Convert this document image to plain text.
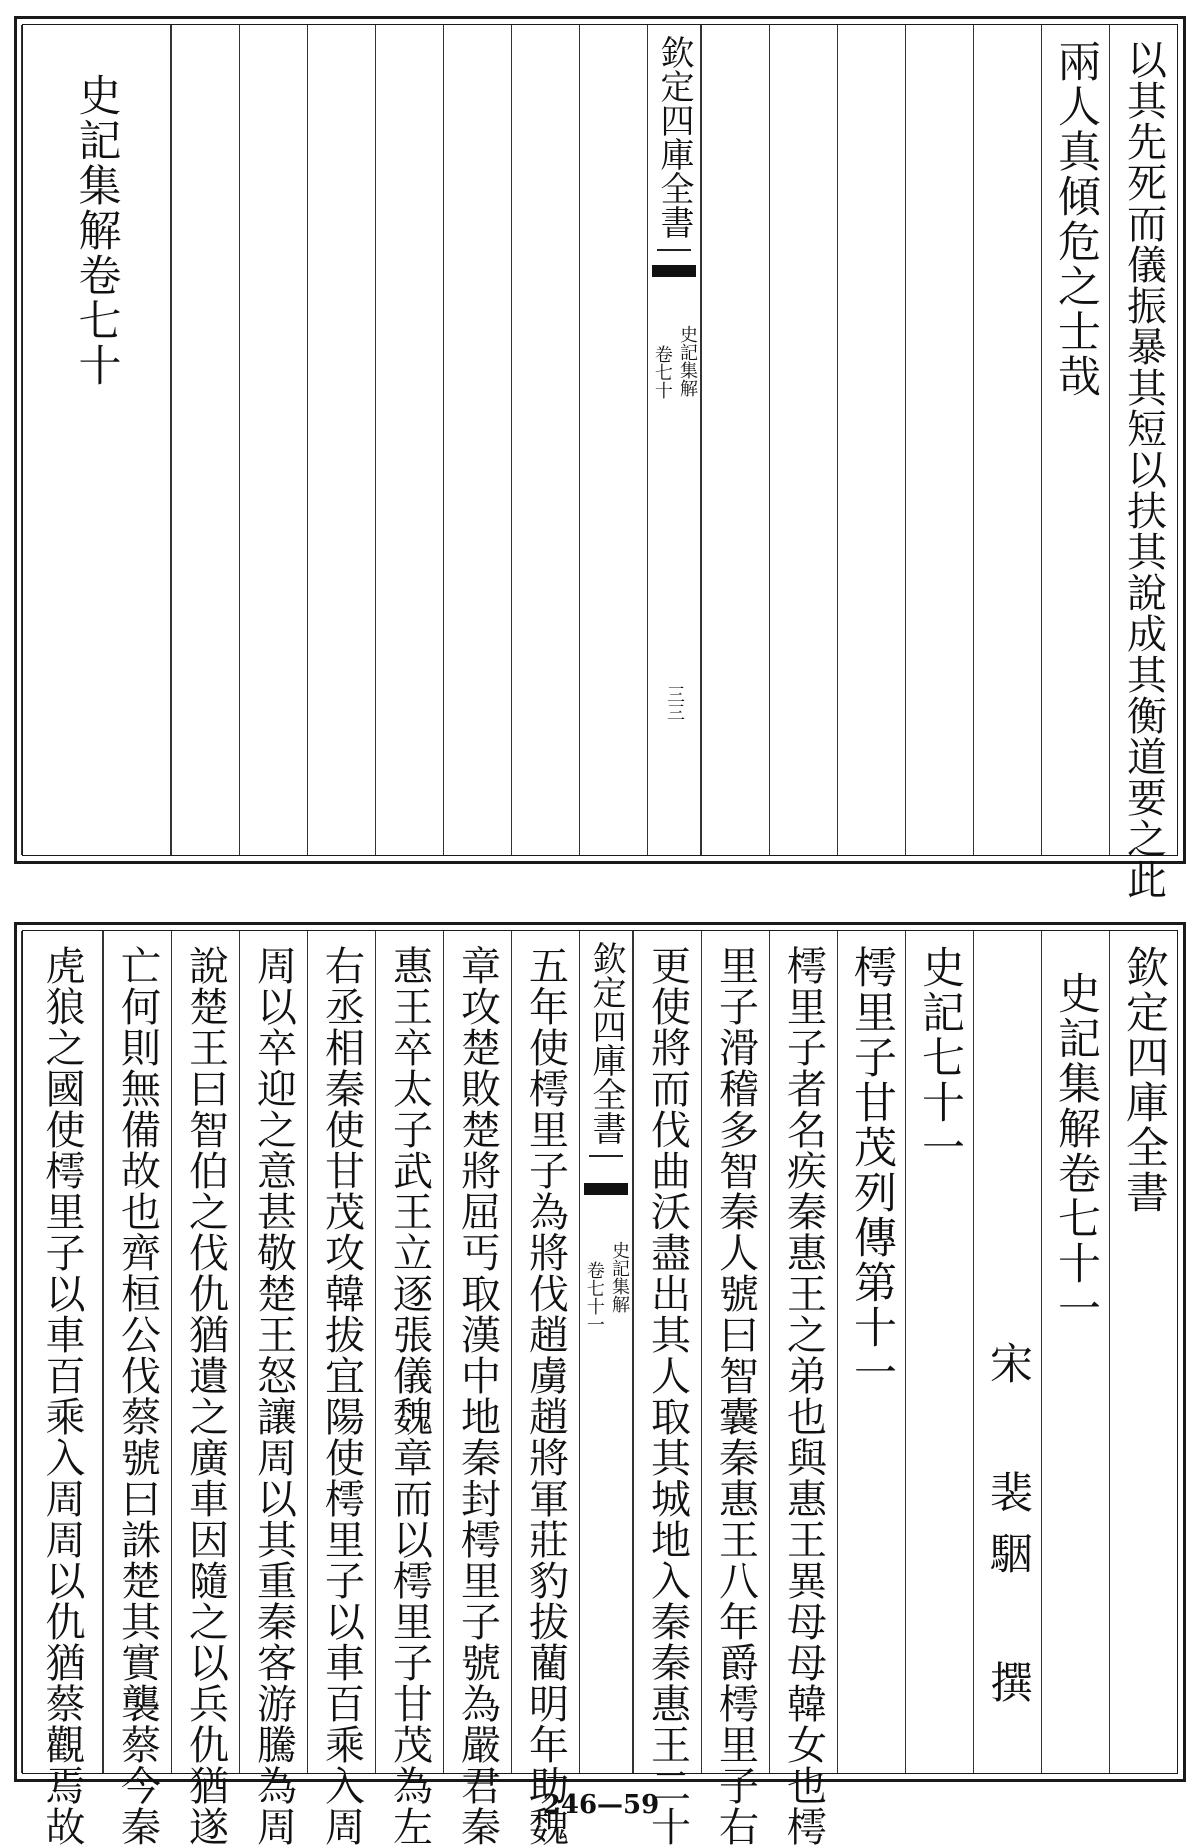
以其先死而儀振暴其短以扶其說成其衡道要之此
兩人真傾危之士哉
欽定四庫全書
史記集解
卷七十
三三
史記集解卷七十
欽定四庫全書
史記集解卷七十一
宋 裴駰 撰
史記七十一
樗里子甘茂列傳第十一
樗里子者名疾秦惠王之弟也與惠王異母母韓女也樗
里子滑稽多智秦人號曰智囊秦惠王八年爵樗里子右
更使將而伐曲沃盡出其人取其城地入秦秦惠王二十
欽定四庫全書
史記集解
卷七十一
五年使樗里子為將伐趙虜趙將軍莊豹拔藺明年助魏
章攻楚敗楚將屈丐取漢中地秦封樗里子號為嚴君秦
惠王卒太子武王立逐張儀魏章而以樗里子甘茂為左
右丞相秦使甘茂攻韓拔宜陽使樗里子以車百乘入周
周以卒迎之意甚敬楚王怒讓周以其重秦客游騰為周
說楚王曰智伯之伐仇猶遺之廣車因隨之以兵仇猶遂
亡何則無備故也齊桓公伐蔡號曰誅楚其實襲蔡今秦
虎狼之國使樗里子以車百乘入周周以仇猶蔡觀焉故	246—59
